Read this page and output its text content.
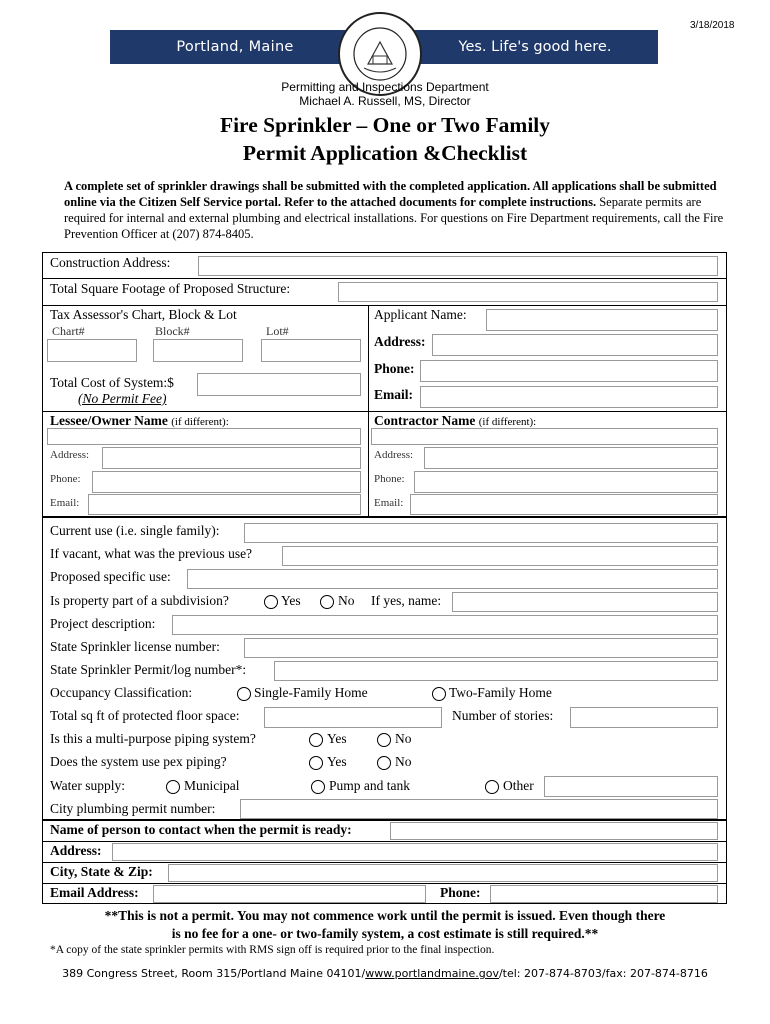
3/18/2018
Portland, Maine	Yes. Life's good here.
Permitting and Inspections Department
Michael A. Russell, MS, Director
Fire Sprinkler – One or Two Family
Permit Application &Checklist
A complete set of sprinkler drawings shall be submitted with the completed application. All applications shall be submitted online via the Citizen Self Service portal. Refer to the attached documents for complete instructions. Separate permits are required for internal and external plumbing and electrical installations. For questions on Fire Department requirements, call the Fire Prevention Officer at (207) 874-8405.
Construction Address:
Total Square Footage of Proposed Structure:
Tax Assessor's Chart, Block & Lot
Chart#	Block#	Lot#
Total Cost of System:$
(No Permit Fee)
Applicant Name:
Address:
Phone:
Email:
Lessee/Owner Name (if different):
Address:
Phone:
Email:
Contractor Name (if different):
Address:
Phone:
Email:
Current use (i.e. single family):
If vacant, what was the previous use?
Proposed specific use:
Is property part of a subdivision?	Yes	No If yes, name:
Project description:
State Sprinkler license number:
State Sprinkler Permit/log number*:
Occupancy Classification:	Single-Family Home	Two-Family Home
Total sq ft of protected floor space:	Number of stories:
Is this a multi-purpose piping system?	Yes	No
Does the system use pex piping?	Yes	No
Water supply:	Municipal	Pump and tank	Other
City plumbing permit number:
Name of person to contact when the permit is ready:
Address:
City, State & Zip:
Email Address:	Phone:
**This is not a permit. You may not commence work until the permit is issued. Even though there
is no fee for a one- or two-family system, a cost estimate is still required.**
*A copy of the state sprinkler permits with RMS sign off is required prior to the final inspection.
389 Congress Street, Room 315/Portland Maine 04101/www.portlandmaine.gov/tel: 207-874-8703/fax: 207-874-8716
